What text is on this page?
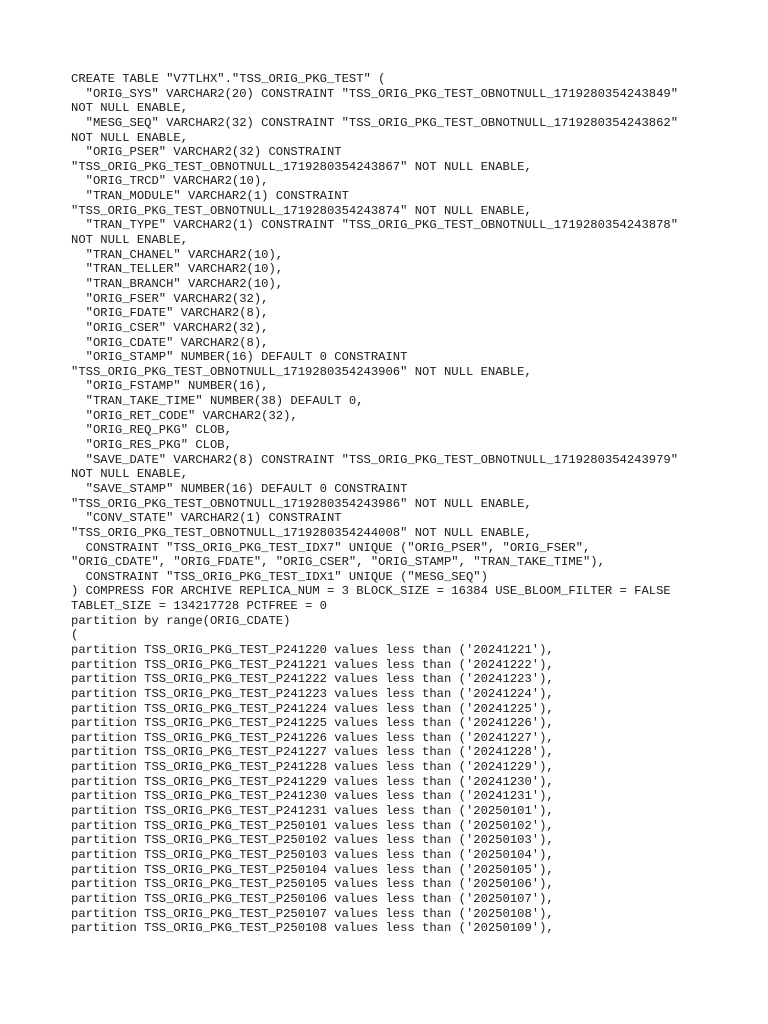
CREATE TABLE "V7TLHX"."TSS_ORIG_PKG_TEST" (
"ORIG_SYS" VARCHAR2(20) CONSTRAINT "TSS_ORIG_PKG_TEST_OBNOTNULL_1719280354243849"
NOT NULL ENABLE,
"MESG_SEQ" VARCHAR2(32) CONSTRAINT "TSS_ORIG_PKG_TEST_OBNOTNULL_1719280354243862"
NOT NULL ENABLE,
"ORIG_PSER" VARCHAR2(32) CONSTRAINT
"TSS_ORIG_PKG_TEST_OBNOTNULL_1719280354243867" NOT NULL ENABLE,
"ORIG_TRCD" VARCHAR2(10),
"TRAN_MODULE" VARCHAR2(1) CONSTRAINT
"TSS_ORIG_PKG_TEST_OBNOTNULL_1719280354243874" NOT NULL ENABLE,
"TRAN_TYPE" VARCHAR2(1) CONSTRAINT "TSS_ORIG_PKG_TEST_OBNOTNULL_1719280354243878"
NOT NULL ENABLE,
"TRAN_CHANEL" VARCHAR2(10),
"TRAN_TELLER" VARCHAR2(10),
"TRAN_BRANCH" VARCHAR2(10),
"ORIG_FSER" VARCHAR2(32),
"ORIG_FDATE" VARCHAR2(8),
"ORIG_CSER" VARCHAR2(32),
"ORIG_CDATE" VARCHAR2(8),
"ORIG_STAMP" NUMBER(16) DEFAULT 0 CONSTRAINT
"TSS_ORIG_PKG_TEST_OBNOTNULL_1719280354243906" NOT NULL ENABLE,
"ORIG_FSTAMP" NUMBER(16),
"TRAN_TAKE_TIME" NUMBER(38) DEFAULT 0,
"ORIG_RET_CODE" VARCHAR2(32),
"ORIG_REQ_PKG" CLOB,
"ORIG_RES_PKG" CLOB,
"SAVE_DATE" VARCHAR2(8) CONSTRAINT "TSS_ORIG_PKG_TEST_OBNOTNULL_1719280354243979"
NOT NULL ENABLE,
"SAVE_STAMP" NUMBER(16) DEFAULT 0 CONSTRAINT
"TSS_ORIG_PKG_TEST_OBNOTNULL_1719280354243986" NOT NULL ENABLE,
"CONV_STATE" VARCHAR2(1) CONSTRAINT
"TSS_ORIG_PKG_TEST_OBNOTNULL_1719280354244008" NOT NULL ENABLE,
CONSTRAINT "TSS_ORIG_PKG_TEST_IDX7" UNIQUE ("ORIG_PSER", "ORIG_FSER",
"ORIG_CDATE", "ORIG_FDATE", "ORIG_CSER", "ORIG_STAMP", "TRAN_TAKE_TIME"),
CONSTRAINT "TSS_ORIG_PKG_TEST_IDX1" UNIQUE ("MESG_SEQ")
) COMPRESS FOR ARCHIVE REPLICA_NUM = 3 BLOCK_SIZE = 16384 USE_BLOOM_FILTER = FALSE
TABLET_SIZE = 134217728 PCTFREE = 0
partition by range(ORIG_CDATE)
(
partition TSS_ORIG_PKG_TEST_P241220 values less than ('20241221'),
partition TSS_ORIG_PKG_TEST_P241221 values less than ('20241222'),
partition TSS_ORIG_PKG_TEST_P241222 values less than ('20241223'),
partition TSS_ORIG_PKG_TEST_P241223 values less than ('20241224'),
partition TSS_ORIG_PKG_TEST_P241224 values less than ('20241225'),
partition TSS_ORIG_PKG_TEST_P241225 values less than ('20241226'),
partition TSS_ORIG_PKG_TEST_P241226 values less than ('20241227'),
partition TSS_ORIG_PKG_TEST_P241227 values less than ('20241228'),
partition TSS_ORIG_PKG_TEST_P241228 values less than ('20241229'),
partition TSS_ORIG_PKG_TEST_P241229 values less than ('20241230'),
partition TSS_ORIG_PKG_TEST_P241230 values less than ('20241231'),
partition TSS_ORIG_PKG_TEST_P241231 values less than ('20250101'),
partition TSS_ORIG_PKG_TEST_P250101 values less than ('20250102'),
partition TSS_ORIG_PKG_TEST_P250102 values less than ('20250103'),
partition TSS_ORIG_PKG_TEST_P250103 values less than ('20250104'),
partition TSS_ORIG_PKG_TEST_P250104 values less than ('20250105'),
partition TSS_ORIG_PKG_TEST_P250105 values less than ('20250106'),
partition TSS_ORIG_PKG_TEST_P250106 values less than ('20250107'),
partition TSS_ORIG_PKG_TEST_P250107 values less than ('20250108'),
partition TSS_ORIG_PKG_TEST_P250108 values less than ('20250109'),
